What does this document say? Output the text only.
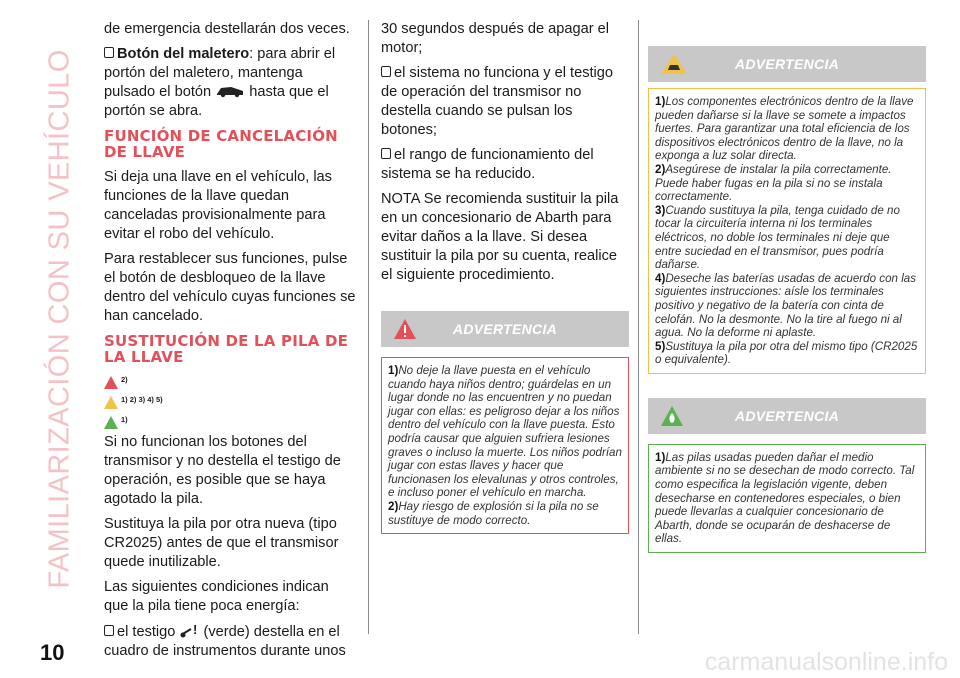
FAMILIARIZACIÓN CON SU VEHÍCULO
10	carmanualsonline.info

de emergencia destellarán dos veces.

Botón del maletero: para abrir el portón del maletero, mantenga pulsado el botón	hasta que el portón se abra.

FUNCIÓN DE CANCELACIÓN DE LLAVE

Si deja una llave en el vehículo, las funciones de la llave quedan canceladas provisionalmente para evitar el robo del vehículo.

Para restablecer sus funciones, pulse el botón de desbloqueo de la llave dentro del vehículo cuyas funciones se han cancelado.

SUSTITUCIÓN DE LA PILA DE LA LLAVE
2)
1) 2) 3) 4) 5)
1)

Si no funcionan los botones del transmisor y no destella el testigo de operación, es posible que se haya agotado la pila.

Sustituya la pila por otra nueva (tipo CR2025) antes de que el transmisor quede inutilizable.

Las siguientes condiciones indican que la pila tiene poca energía:

el testigo ! (verde) destella en el cuadro de instrumentos durante unos

30 segundos después de apagar el motor;

el sistema no funciona y el testigo de operación del transmisor no destella cuando se pulsan los botones;

el rango de funcionamiento del sistema se ha reducido.

NOTA Se recomienda sustituir la pila en un concesionario de Abarth para evitar daños a la llave. Si desea sustituir la pila por su cuenta, realice el siguiente procedimiento.

ADVERTENCIA

1)No deje la llave puesta en el vehículo cuando haya niños dentro; guárdelas en un lugar donde no las encuentren y no puedan jugar con ellas: es peligroso dejar a los niños dentro del vehículo con la llave puesta. Esto podría causar que alguien sufriera lesiones graves o incluso la muerte. Los niños podrían jugar con estas llaves y hacer que funcionasen los elevalunas y otros controles, e incluso poner el vehículo en marcha.

2)Hay riesgo de explosión si la pila no se sustituye de modo correcto.

ADVERTENCIA

1)Los componentes electrónicos dentro de la llave pueden dañarse si la llave se somete a impactos fuertes. Para garantizar una total eficiencia de los dispositivos electrónicos dentro de la llave, no la exponga a luz solar directa.

2)Asegúrese de instalar la pila correctamente. Puede haber fugas en la pila si no se instala correctamente.

3)Cuando sustituya la pila, tenga cuidado de no tocar la circuitería interna ni los terminales eléctricos, no doble los terminales ni deje que entre suciedad en el transmisor, pues podría dañarse.

4)Deseche las baterías usadas de acuerdo con las siguientes instrucciones: aísle los terminales positivo y negativo de la batería con cinta de celofán. No la desmonte. No la tire al fuego ni al agua. No la deforme ni aplaste.

5)Sustituya la pila por otra del mismo tipo (CR2025 o equivalente).

ADVERTENCIA

1)Las pilas usadas pueden dañar el medio ambiente si no se desechan de modo correcto. Tal como especifica la legislación vigente, deben desecharse en contenedores especiales, o bien puede llevarlas a cualquier concesionario de Abarth, donde se ocuparán de deshacerse de ellas.
